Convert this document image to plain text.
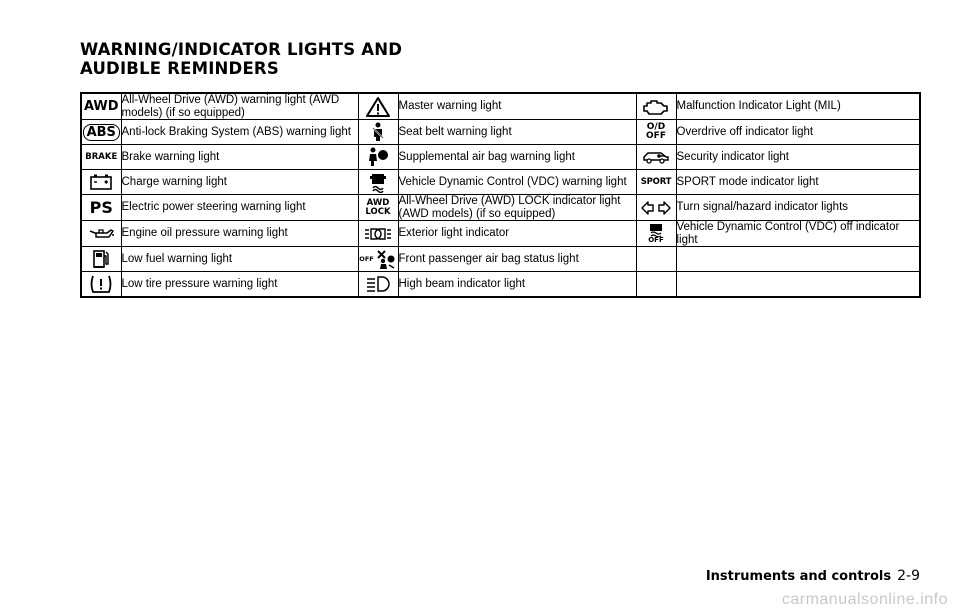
WARNING/INDICATOR LIGHTS AND
AUDIBLE REMINDERS
AWD	All-Wheel Drive (AWD) warning light (AWD models) (if so equipped)		Master warning light		Malfunction Indicator Light (MIL)

ABS	Anti-lock Braking System (ABS) warning light		Seat belt warning light	O/D OFF	Overdrive off indicator light

BRAKE	Brake warning light		Supplemental air bag warning light		Security indicator light

	Charge warning light		Vehicle Dynamic Control (VDC) warning light	SPORT	SPORT mode indicator light

PS	Electric power steering warning light	AWD LOCK	All-Wheel Drive (AWD) LOCK indicator light (AWD models) (if so equipped)		Turn signal/hazard indicator lights

	Engine oil pressure warning light		Exterior light indicator	OFF	Vehicle Dynamic Control (VDC) off indicator light

	Low fuel warning light	OFF	Front passenger air bag status light		

	Low tire pressure warning light		High beam indicator light		
Instruments and controls 2-9
carmanualsonline.info
